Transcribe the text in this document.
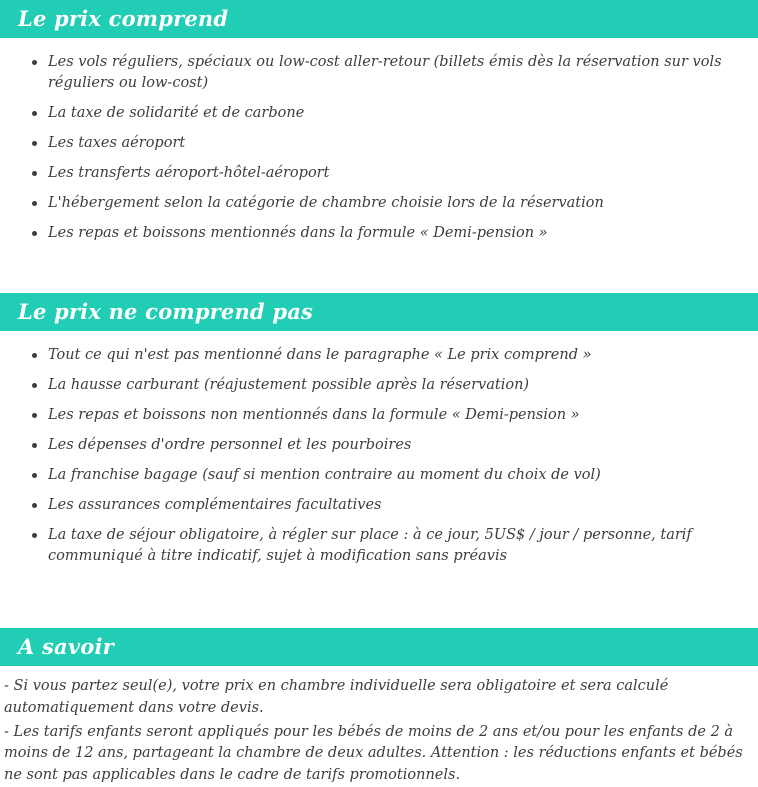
Le prix comprend
Les vols réguliers, spéciaux ou low-cost aller-retour (billets émis dès la réservation sur vols réguliers ou low-cost)
La taxe de solidarité et de carbone
Les taxes aéroport
Les transferts aéroport-hôtel-aéroport
L'hébergement selon la catégorie de chambre choisie lors de la réservation
Les repas et boissons mentionnés dans la formule « Demi-pension »
Le prix ne comprend pas
Tout ce qui n'est pas mentionné dans le paragraphe « Le prix comprend »
La hausse carburant (réajustement possible après la réservation)
Les repas et boissons non mentionnés dans la formule « Demi-pension »
Les dépenses d'ordre personnel et les pourboires
La franchise bagage (sauf si mention contraire au moment du choix de vol)
Les assurances complémentaires facultatives
La taxe de séjour obligatoire, à régler sur place : à ce jour, 5US$ / jour / personne, tarif communiqué à titre indicatif, sujet à modification sans préavis
A savoir

- Si vous partez seul(e), votre prix en chambre individuelle sera obligatoire et sera calculé automatiquement dans votre devis.

- Les tarifs enfants seront appliqués pour les bébés de moins de 2 ans et/ou pour les enfants de 2 à moins de 12 ans, partageant la chambre de deux adultes. Attention : les réductions enfants et bébés ne sont pas applicables dans le cadre de tarifs promotionnels.
